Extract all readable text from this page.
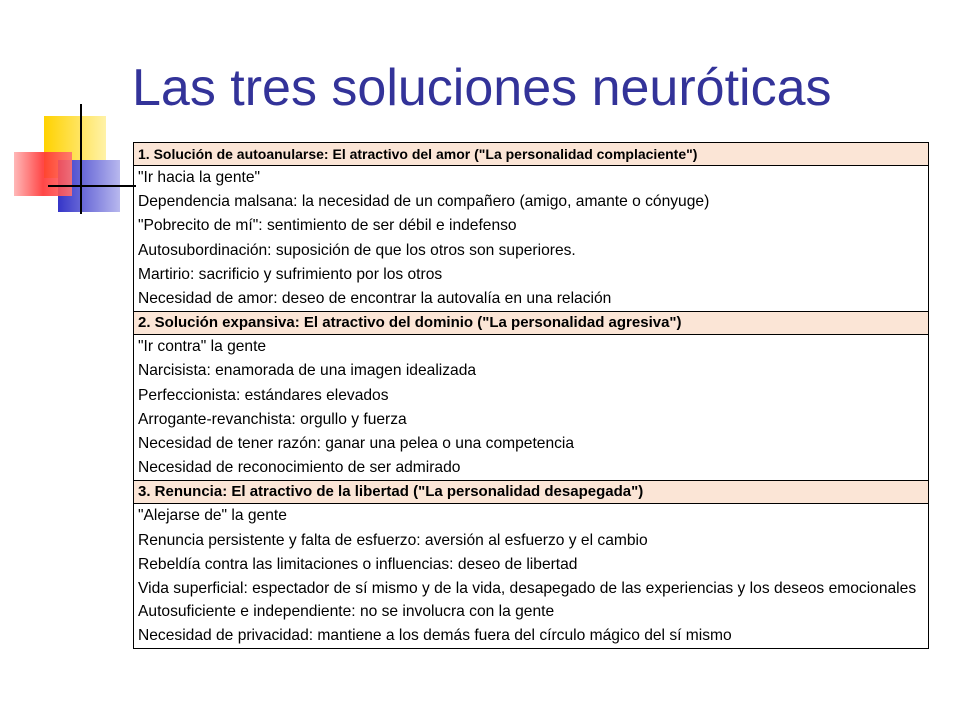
Las tres soluciones neuróticas
1. Solución de autoanularse: El atractivo del amor ("La personalidad complaciente")
"Ir hacia la gente"
Dependencia malsana: la necesidad de un compañero (amigo, amante o cónyuge)
"Pobrecito de mí": sentimiento de ser débil e indefenso
Autosubordinación: suposición de que los otros son superiores.
Martirio: sacrificio y sufrimiento por los otros
Necesidad de amor: deseo de encontrar la autovalía en una relación
2. Solución expansiva: El atractivo del dominio ("La personalidad agresiva")
"Ir contra" la gente
Narcisista: enamorada de una imagen idealizada
Perfeccionista: estándares elevados
Arrogante-revanchista: orgullo y fuerza
Necesidad de tener razón: ganar una pelea o una competencia
Necesidad de reconocimiento de ser admirado
3. Renuncia: El atractivo de la libertad ("La personalidad desapegada")
"Alejarse de" la gente
Renuncia persistente y falta de esfuerzo: aversión al esfuerzo y el cambio
Rebeldía contra las limitaciones o influencias: deseo de libertad
Vida superficial: espectador de sí mismo y de la vida, desapegado de las experiencias y los deseos emocionales
Autosuficiente e independiente: no se involucra con la gente
Necesidad de privacidad: mantiene a los demás fuera del círculo mágico del sí mismo
